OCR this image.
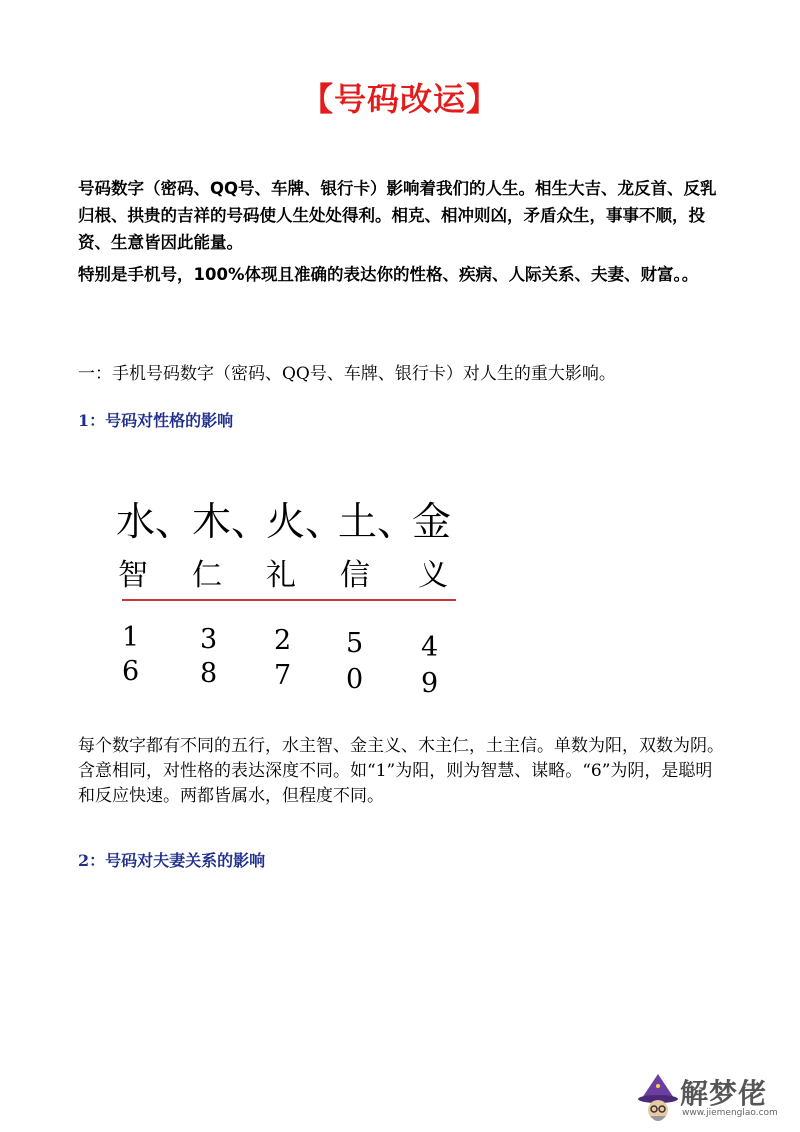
【号码改运】
号码数字（密码、QQ号、车牌、银行卡）影响着我们的人生。相生大吉、龙反首、反乳归根、拱贵的吉祥的号码使人生处处得利。相克、相冲则凶，矛盾众生，事事不顺，投资、生意皆因此能量。
特别是手机号，100%体现且准确的表达你的性格、疾病、人际关系、夫妻、财富。。
一：手机号码数字（密码、QQ号、车牌、银行卡）对人生的重大影响。
1：号码对性格的影响
水、
木、
火、
土、
金
智 仁 礼 信 义
1 3 2 5 4
6 8 7 0 9
每个数字都有不同的五行，水主智、金主义、木主仁，土主信。单数为阳，双数为阴。含意相同，对性格的表达深度不同。如“1”为阳，则为智慧、谋略。“6”为阴，是聪明和反应快速。两都皆属水，但程度不同。
2：号码对夫妻关系的影响
解梦佬
www.jiemenglao.com
